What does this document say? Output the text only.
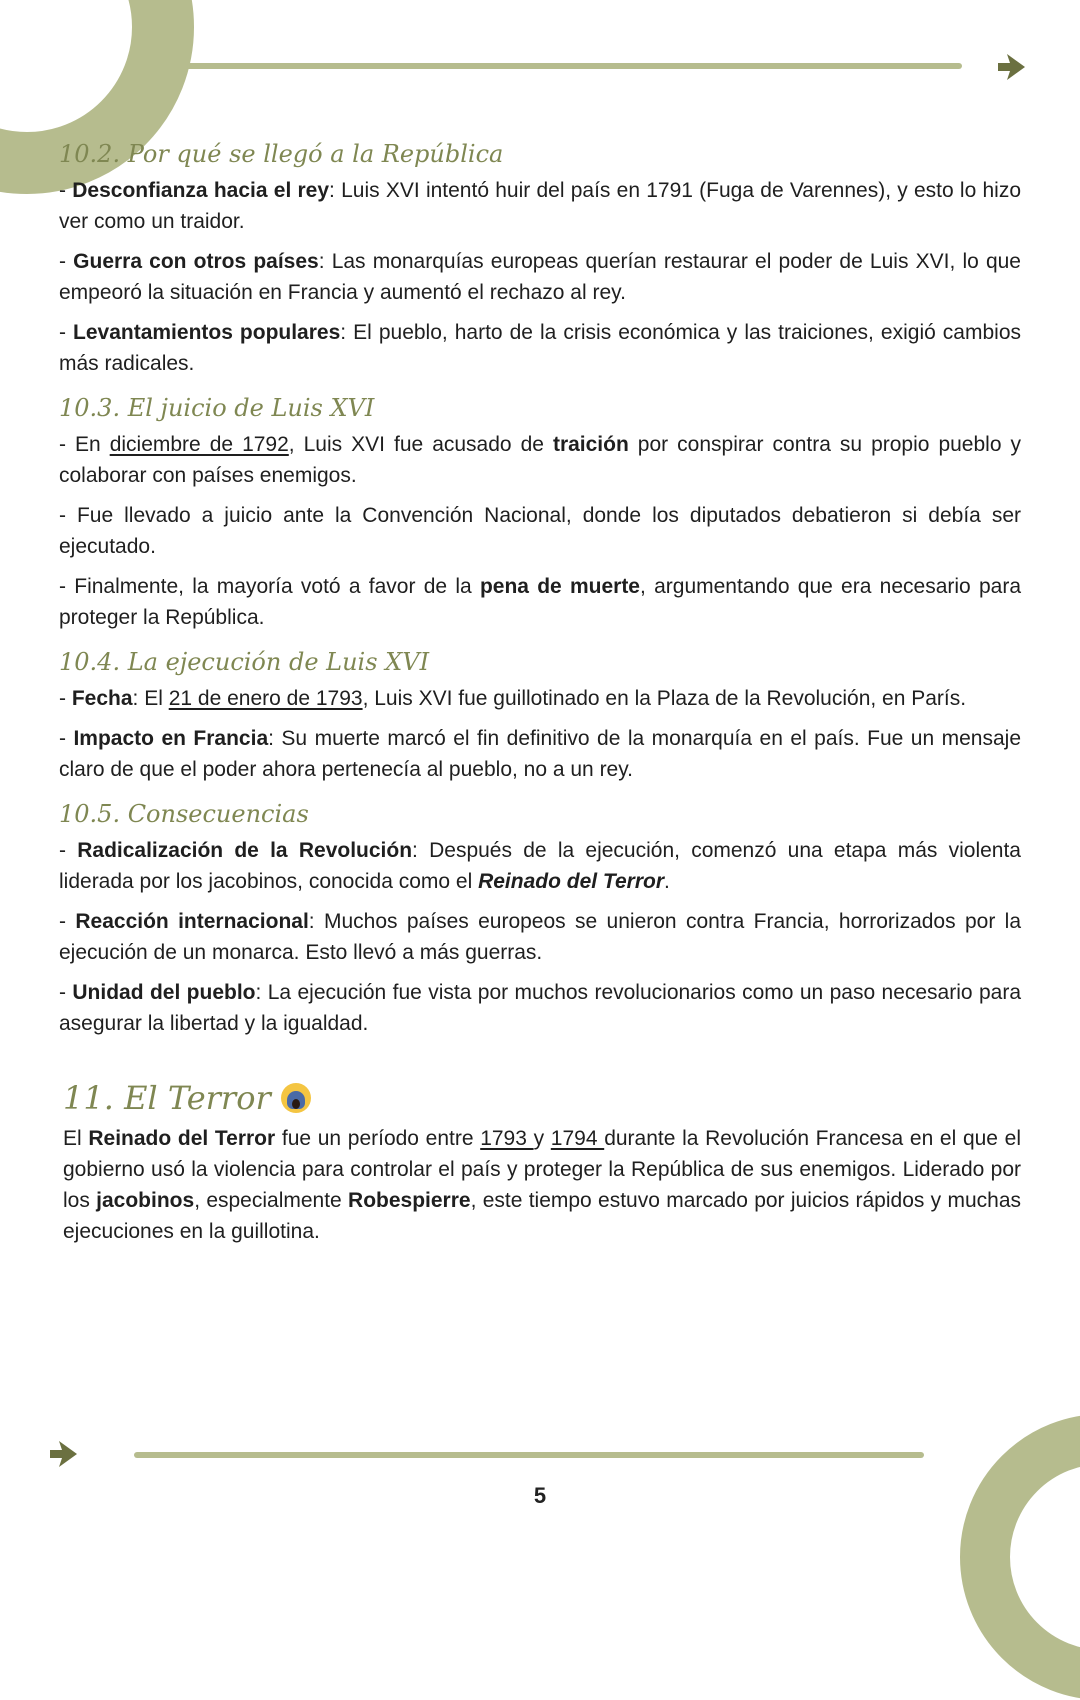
10.2. Por qué se llegó a la República

- Desconfianza hacia el rey: Luis XVI intentó huir del país en 1791 (Fuga de Varennes), y esto lo hizo ver como un traidor.

- Guerra con otros países: Las monarquías europeas querían restaurar el poder de Luis XVI, lo que empeoró la situación en Francia y aumentó el rechazo al rey.

- Levantamientos populares: El pueblo, harto de la crisis económica y las traiciones, exigió cambios más radicales.

10.3. El juicio de Luis XVI

- En diciembre de 1792, Luis XVI fue acusado de traición por conspirar contra su propio pueblo y colaborar con países enemigos.

- Fue llevado a juicio ante la Convención Nacional, donde los diputados debatieron si debía ser ejecutado.

- Finalmente, la mayoría votó a favor de la pena de muerte, argumentando que era necesario para proteger la República.

10.4. La ejecución de Luis XVI

- Fecha: El 21 de enero de 1793, Luis XVI fue guillotinado en la Plaza de la Revolución, en París.

- Impacto en Francia: Su muerte marcó el fin definitivo de la monarquía en el país. Fue un mensaje claro de que el poder ahora pertenecía al pueblo, no a un rey.

10.5. Consecuencias

- Radicalización de la Revolución: Después de la ejecución, comenzó una etapa más violenta liderada por los jacobinos, conocida como el Reinado del Terror.

- Reacción internacional: Muchos países europeos se unieron contra Francia, horrorizados por la ejecución de un monarca. Esto llevó a más guerras.

- Unidad del pueblo: La ejecución fue vista por muchos revolucionarios como un paso necesario para asegurar la libertad y la igualdad.

11. El Terror

El Reinado del Terror fue un período entre 1793 y 1794 durante la Revolución Francesa en el que el gobierno usó la violencia para controlar el país y proteger la República de sus enemigos. Liderado por los jacobinos, especialmente Robespierre, este tiempo estuvo marcado por juicios rápidos y muchas ejecuciones en la guillotina.

5
